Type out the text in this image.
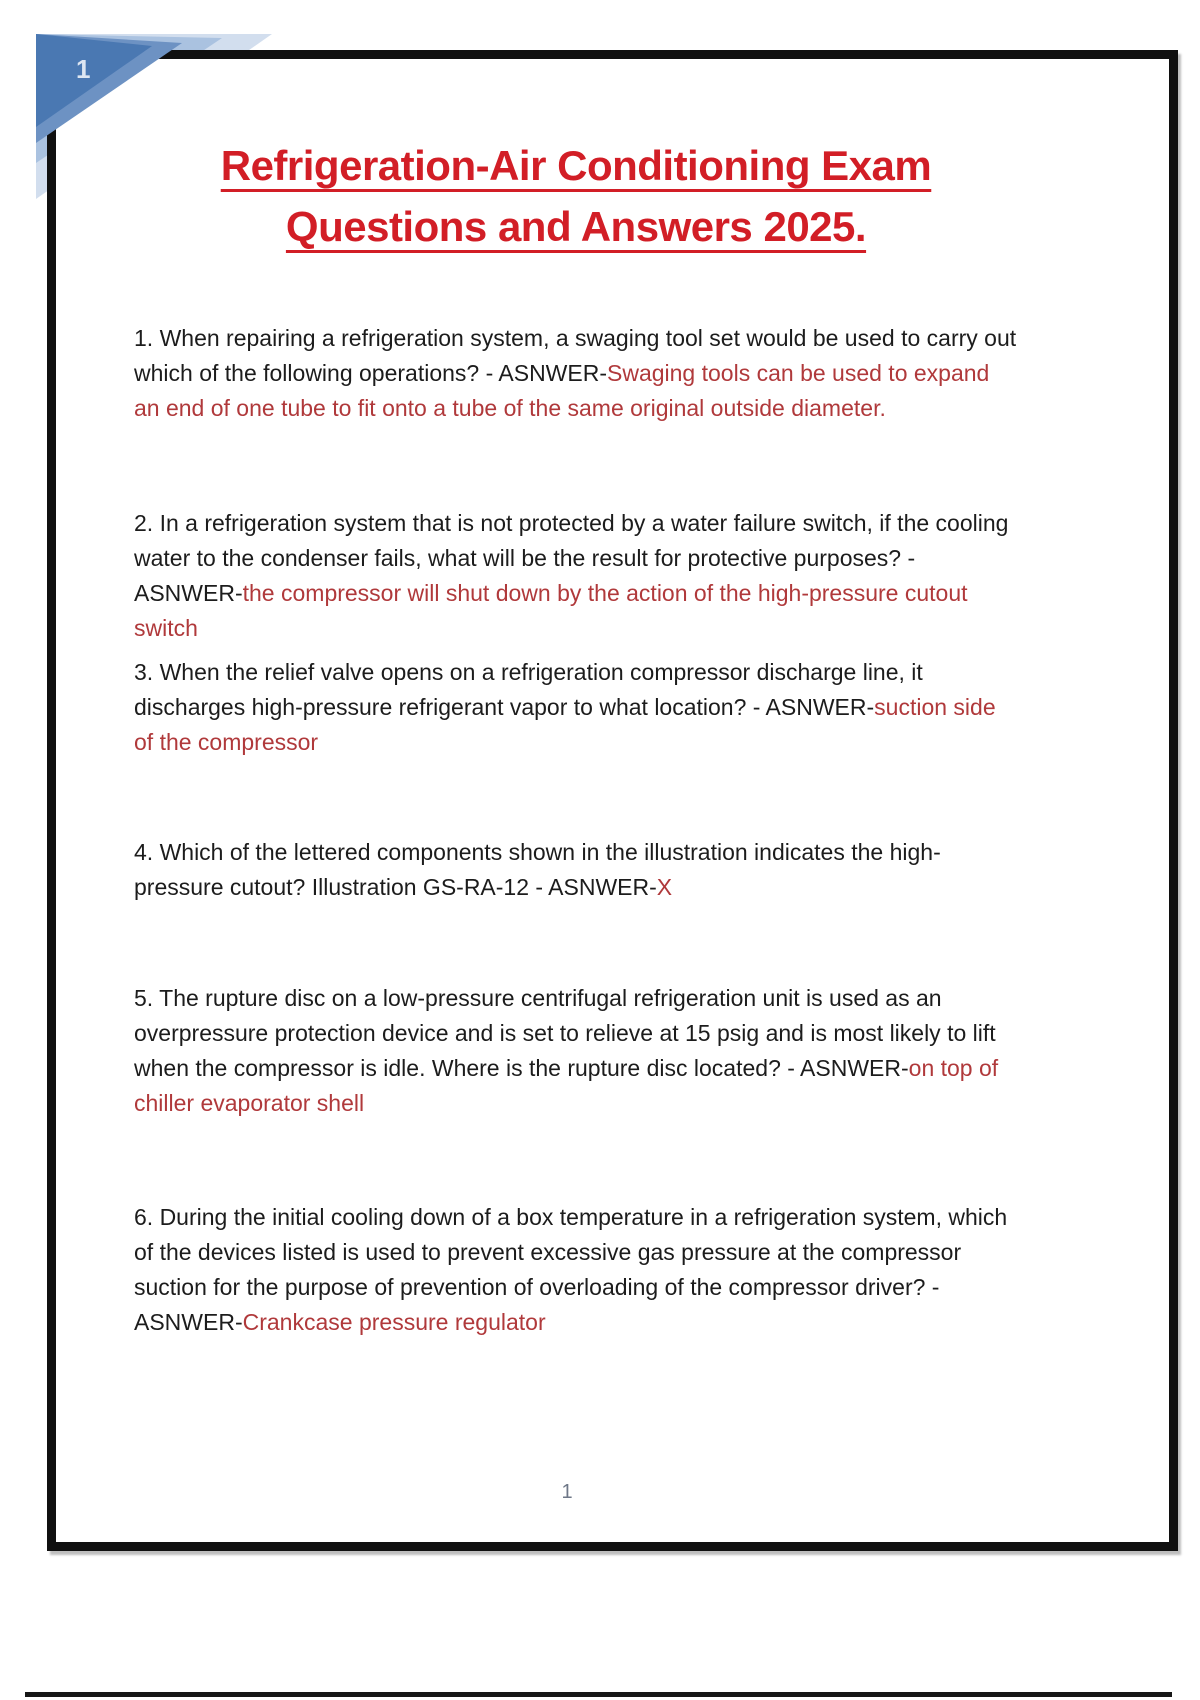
Refrigeration-Air Conditioning Exam
Questions and Answers 2025.

1. When repairing a refrigeration system, a swaging tool set would be used to carry out which of the following operations? - ASNWER-Swaging tools can be used to expand an end of one tube to fit onto a tube of the same original outside diameter.

2. In a refrigeration system that is not protected by a water failure switch, if the cooling water to the condenser fails, what will be the result for protective purposes? - ASNWER-the compressor will shut down by the action of the high-pressure cutout switch

3. When the relief valve opens on a refrigeration compressor discharge line, it discharges high-pressure refrigerant vapor to what location? - ASNWER-suction side of the compressor

4. Which of the lettered components shown in the illustration indicates the high-pressure cutout? Illustration GS-RA-12 - ASNWER-X

5. The rupture disc on a low-pressure centrifugal refrigeration unit is used as an overpressure protection device and is set to relieve at 15 psig and is most likely to lift when the compressor is idle. Where is the rupture disc located? - ASNWER-on top of chiller evaporator shell

6. During the initial cooling down of a box temperature in a refrigeration system, which of the devices listed is used to prevent excessive gas pressure at the compressor suction for the purpose of prevention of overloading of the compressor driver? - ASNWER-Crankcase pressure regulator

1
1
